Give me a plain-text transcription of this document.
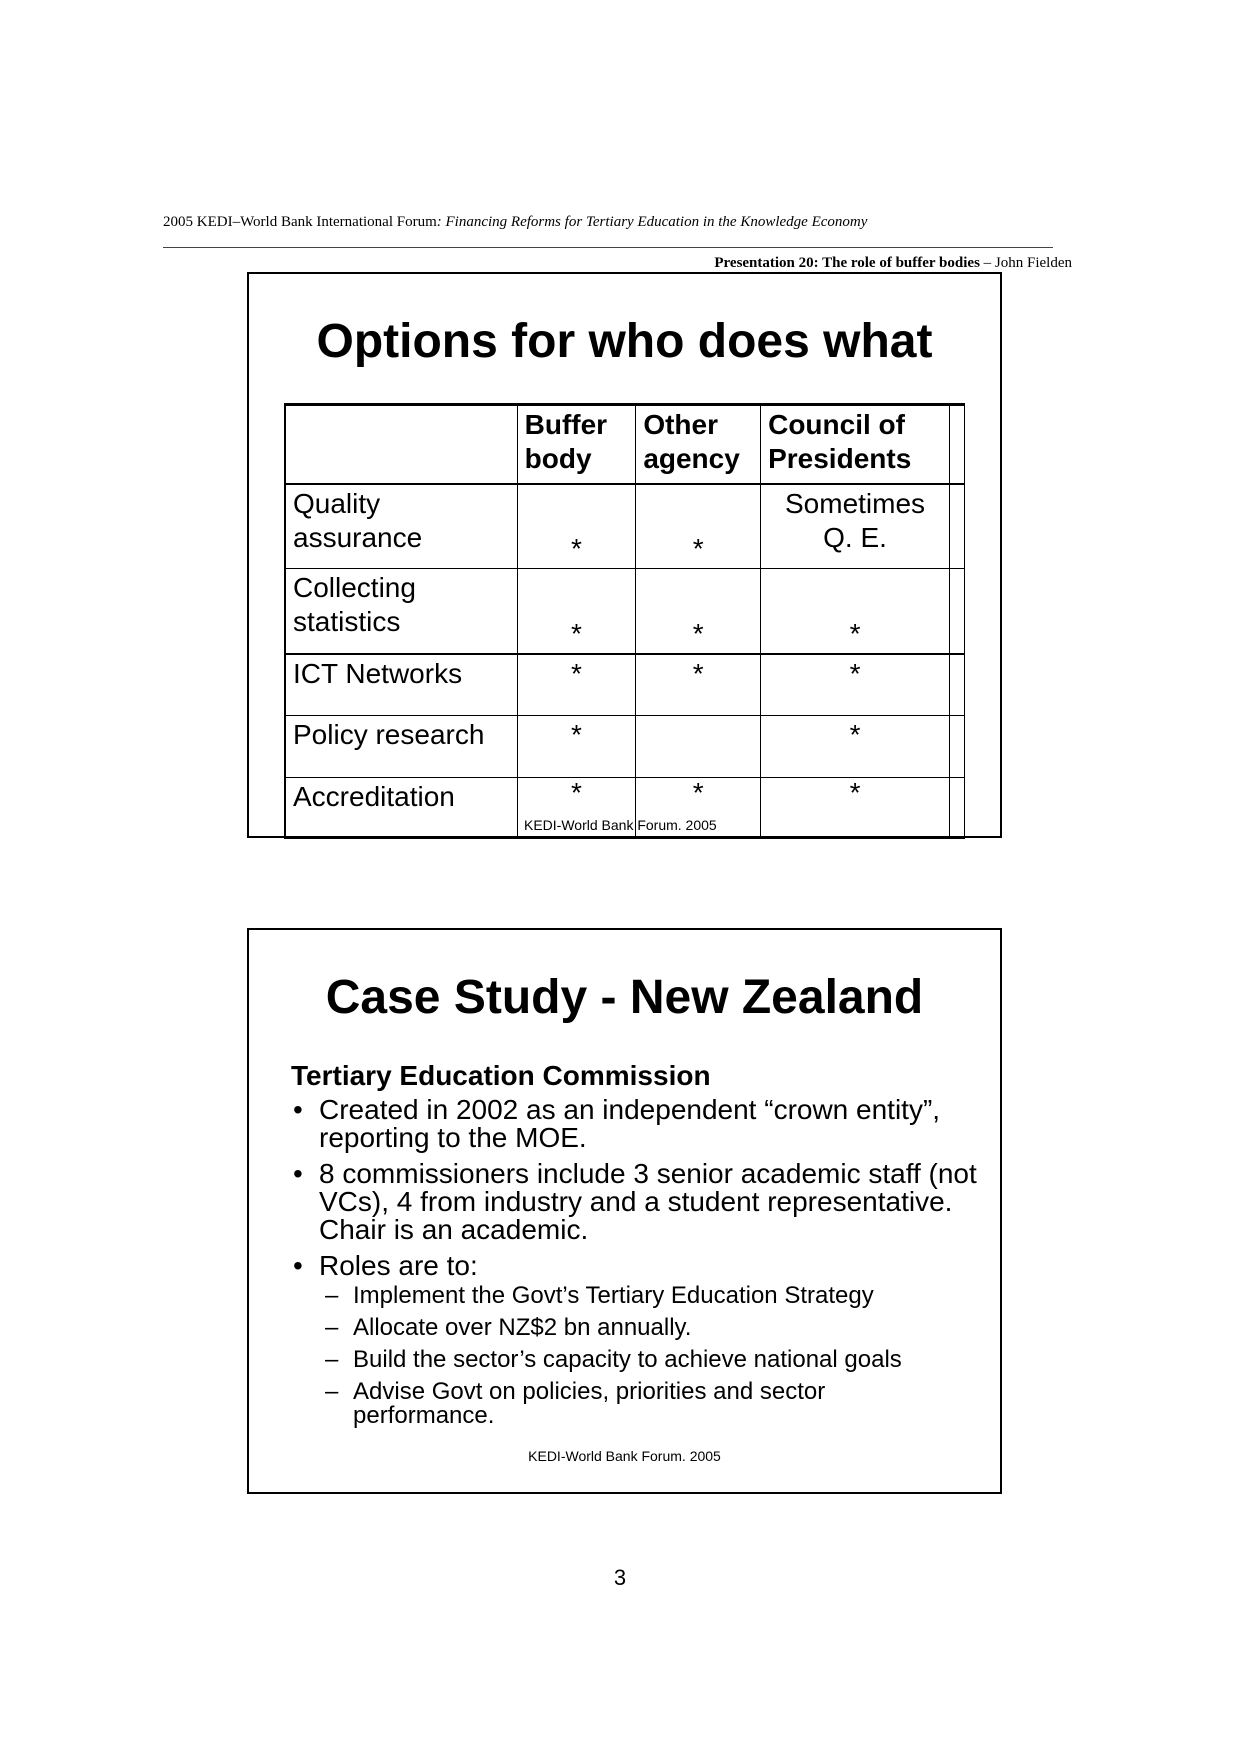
2005 KEDI–World Bank International Forum: Financing Reforms for Tertiary Education in the Knowledge Economy
Presentation 20: The role of buffer bodies – John Fielden
Options for who does what
	Buffer body	Other agency	Council of Presidents	
Quality assurance	*	*	Sometimes Q. E.	
Collecting statistics	*	*	*	
ICT Networks	*	*	*	
Policy research	*		*	
Accreditation	*	*	*	
KEDI-World Bank Forum. 2005
Case Study - New Zealand
Tertiary Education Commission
• Created in 2002 as an independent “crown entity”, reporting to the MOE.
• 8 commissioners include 3 senior academic staff (not VCs), 4 from industry and a student representative. Chair is an academic.
• Roles are to:
– Implement the Govt’s Tertiary Education Strategy
– Allocate over NZ$2 bn annually.
– Build the sector’s capacity to achieve national goals
– Advise Govt on policies, priorities and sector performance.
KEDI-World Bank Forum. 2005
3
